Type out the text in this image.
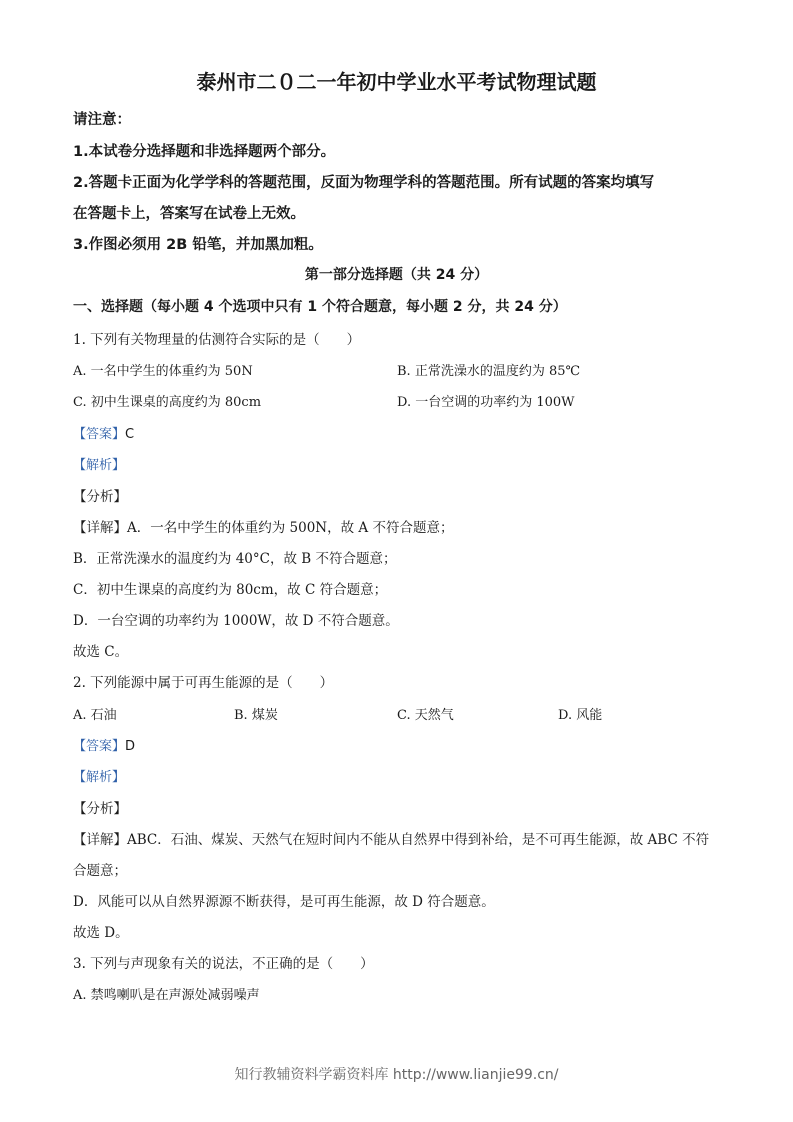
泰州市二０二一年初中学业水平考试物理试题
请注意：
1.本试卷分选择题和非选择题两个部分。
2.答题卡正面为化学学科的答题范围，反面为物理学科的答题范围。所有试题的答案均填写
在答题卡上，答案写在试卷上无效。
3.作图必须用 2B 铅笔，并加黑加粗。
第一部分选择题（共 24 分）
一、选择题（每小题 4 个选项中只有 1 个符合题意，每小题 2 分，共 24 分）
1. 下列有关物理量的估测符合实际的是（　　）
A. 一名中学生的体重约为 50N	B. 正常洗澡水的温度约为 85℃
C. 初中生课桌的高度约为 80cm	D. 一台空调的功率约为 100W
【答案】C
【解析】
【分析】
【详解】A．一名中学生的体重约为 500N，故 A 不符合题意；
B．正常洗澡水的温度约为 40°C，故 B 不符合题意；
C．初中生课桌的高度约为 80cm，故 C 符合题意；
D．一台空调的功率约为 1000W，故 D 不符合题意。
故选 C。
2. 下列能源中属于可再生能源的是（　　）
A. 石油	B. 煤炭	C. 天然气	D. 风能
【答案】D
【解析】
【分析】
【详解】ABC．石油、煤炭、天然气在短时间内不能从自然界中得到补给，是不可再生能源，故 ABC 不符
合题意；
D．风能可以从自然界源源不断获得，是可再生能源，故 D 符合题意。
故选 D。
3. 下列与声现象有关的说法，不正确的是（　　）
A. 禁鸣喇叭是在声源处减弱噪声
知行教辅资料学霸资料库 http://www.lianjie99.cn/
